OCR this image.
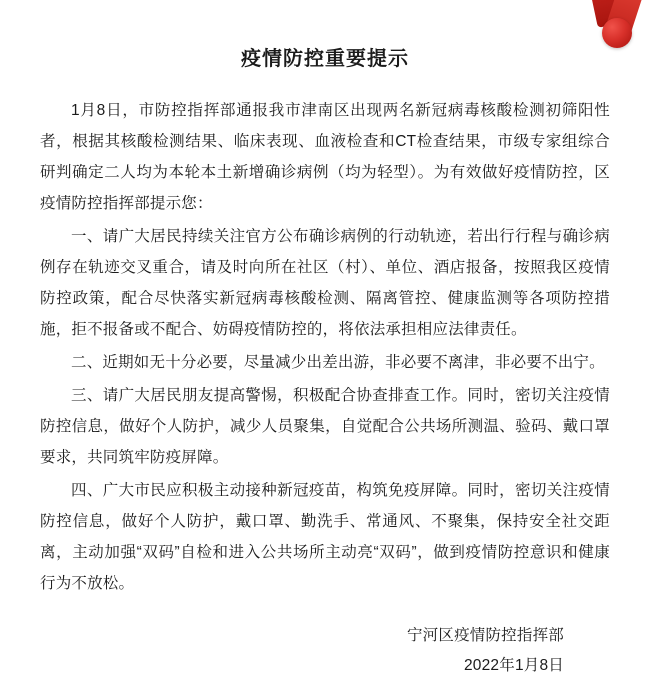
疫情防控重要提示

1月8日，市防控指挥部通报我市津南区出现两名新冠病毒核酸检测初筛阳性者，根据其核酸检测结果、临床表现、血液检查和CT检查结果，市级专家组综合研判确定二人均为本轮本土新增确诊病例（均为轻型）。为有效做好疫情防控，区疫情防控指挥部提示您：

一、请广大居民持续关注官方公布确诊病例的行动轨迹，若出行行程与确诊病例存在轨迹交叉重合，请及时向所在社区（村）、单位、酒店报备，按照我区疫情防控政策，配合尽快落实新冠病毒核酸检测、隔离管控、健康监测等各项防控措施，拒不报备或不配合、妨碍疫情防控的，将依法承担相应法律责任。

二、近期如无十分必要，尽量减少出差出游，非必要不离津，非必要不出宁。

三、请广大居民朋友提高警惕，积极配合协查排查工作。同时，密切关注疫情防控信息，做好个人防护，减少人员聚集，自觉配合公共场所测温、验码、戴口罩要求，共同筑牢防疫屏障。

四、广大市民应积极主动接种新冠疫苗，构筑免疫屏障。同时，密切关注疫情防控信息，做好个人防护，戴口罩、勤洗手、常通风、不聚集，保持安全社交距离，主动加强“双码”自检和进入公共场所主动亮“双码”，做到疫情防控意识和健康行为不放松。

宁河区疫情防控指挥部
2022年1月8日
